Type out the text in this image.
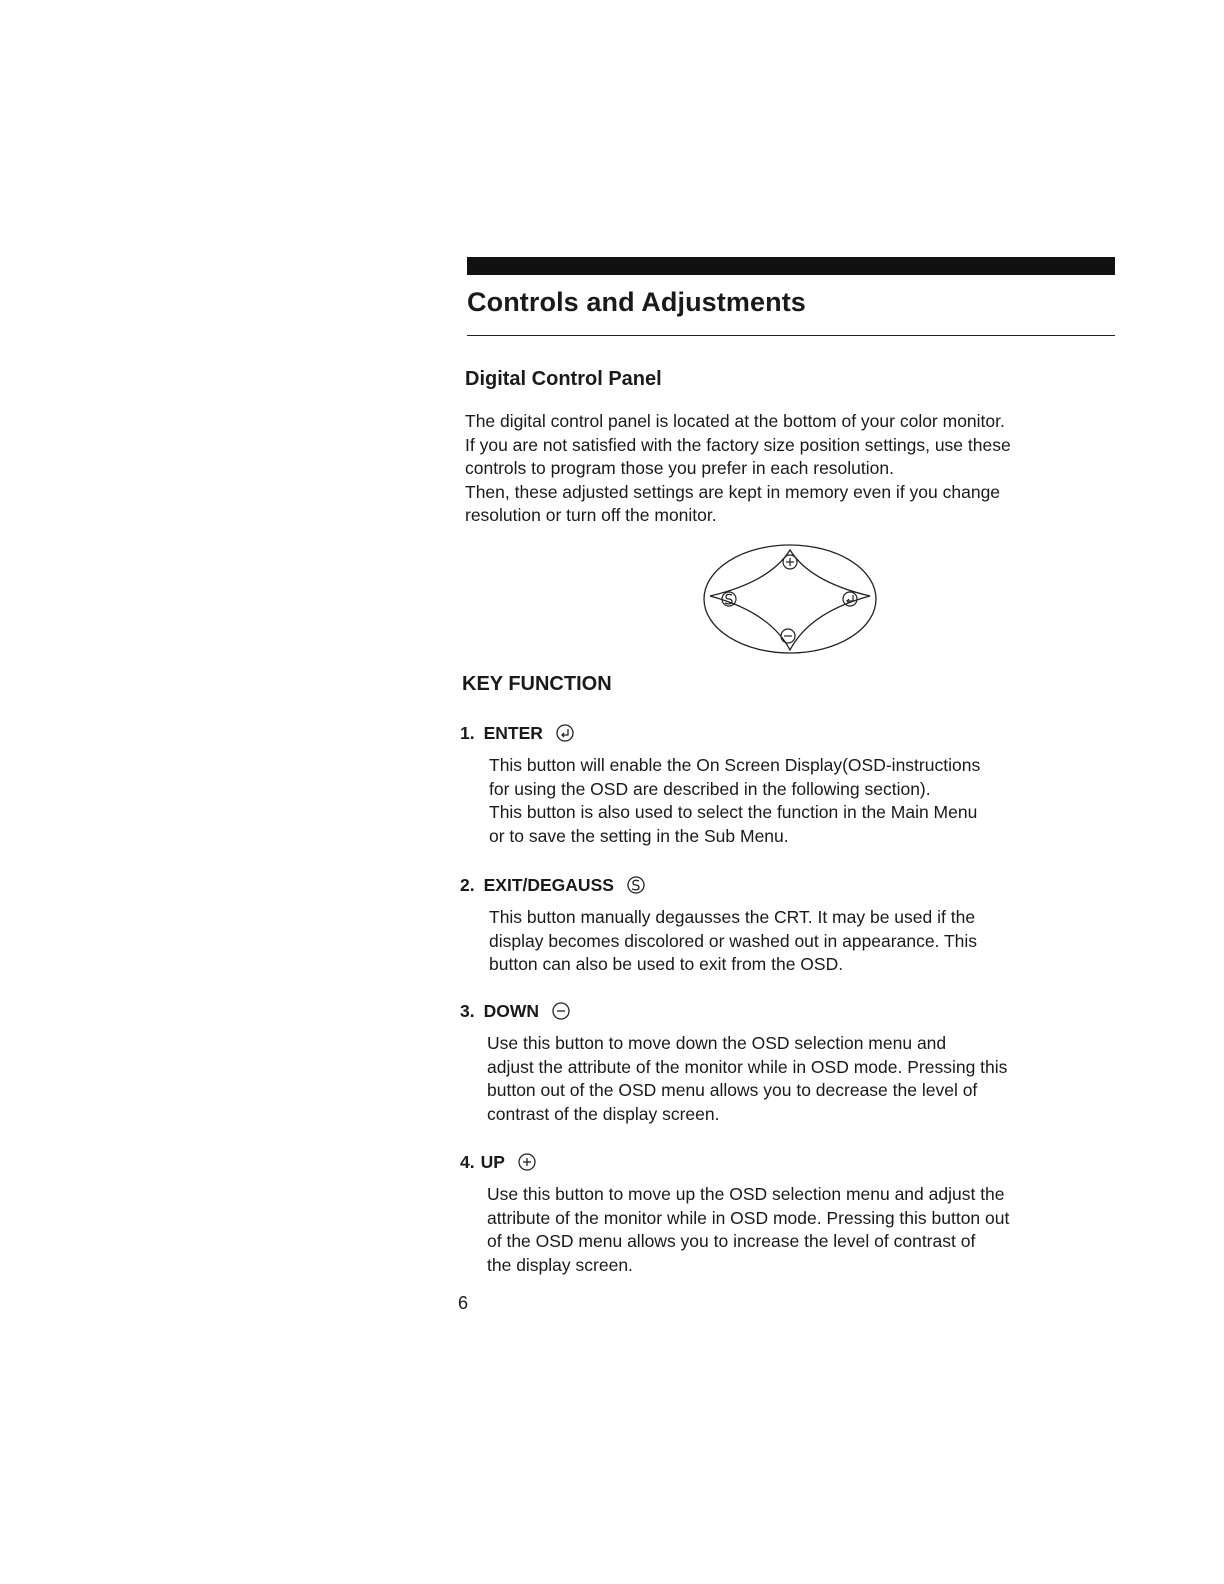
Controls and Adjustments
Digital Control Panel

The digital control panel is located at the bottom of your color monitor.
If you are not satisfied with the factory size position settings, use these
controls to program those you prefer in each resolution.
Then, these adjusted settings are kept in memory even if you change
resolution or turn off the monitor.

KEY FUNCTION
1. ENTER
This button will enable the On Screen Display(OSD-instructions
for using the OSD are described in the following section).
This button is also used to select the function in the Main Menu
or to save the setting in the Sub Menu.
2. EXIT/DEGAUSS
This button manually degausses the CRT. It may be used if the
display becomes discolored or washed out in appearance. This
button can also be used to exit from the OSD.
3. DOWN
Use this button to move down the OSD selection menu and
adjust the attribute of the monitor while in OSD mode. Pressing this
button out of the OSD menu allows you to decrease the level of
contrast of the display screen.
4. UP
Use this button to move up the OSD selection menu and adjust the
attribute of the monitor while in OSD mode. Pressing this button out
of the OSD menu allows you to increase the level of contrast of
the display screen.
6
